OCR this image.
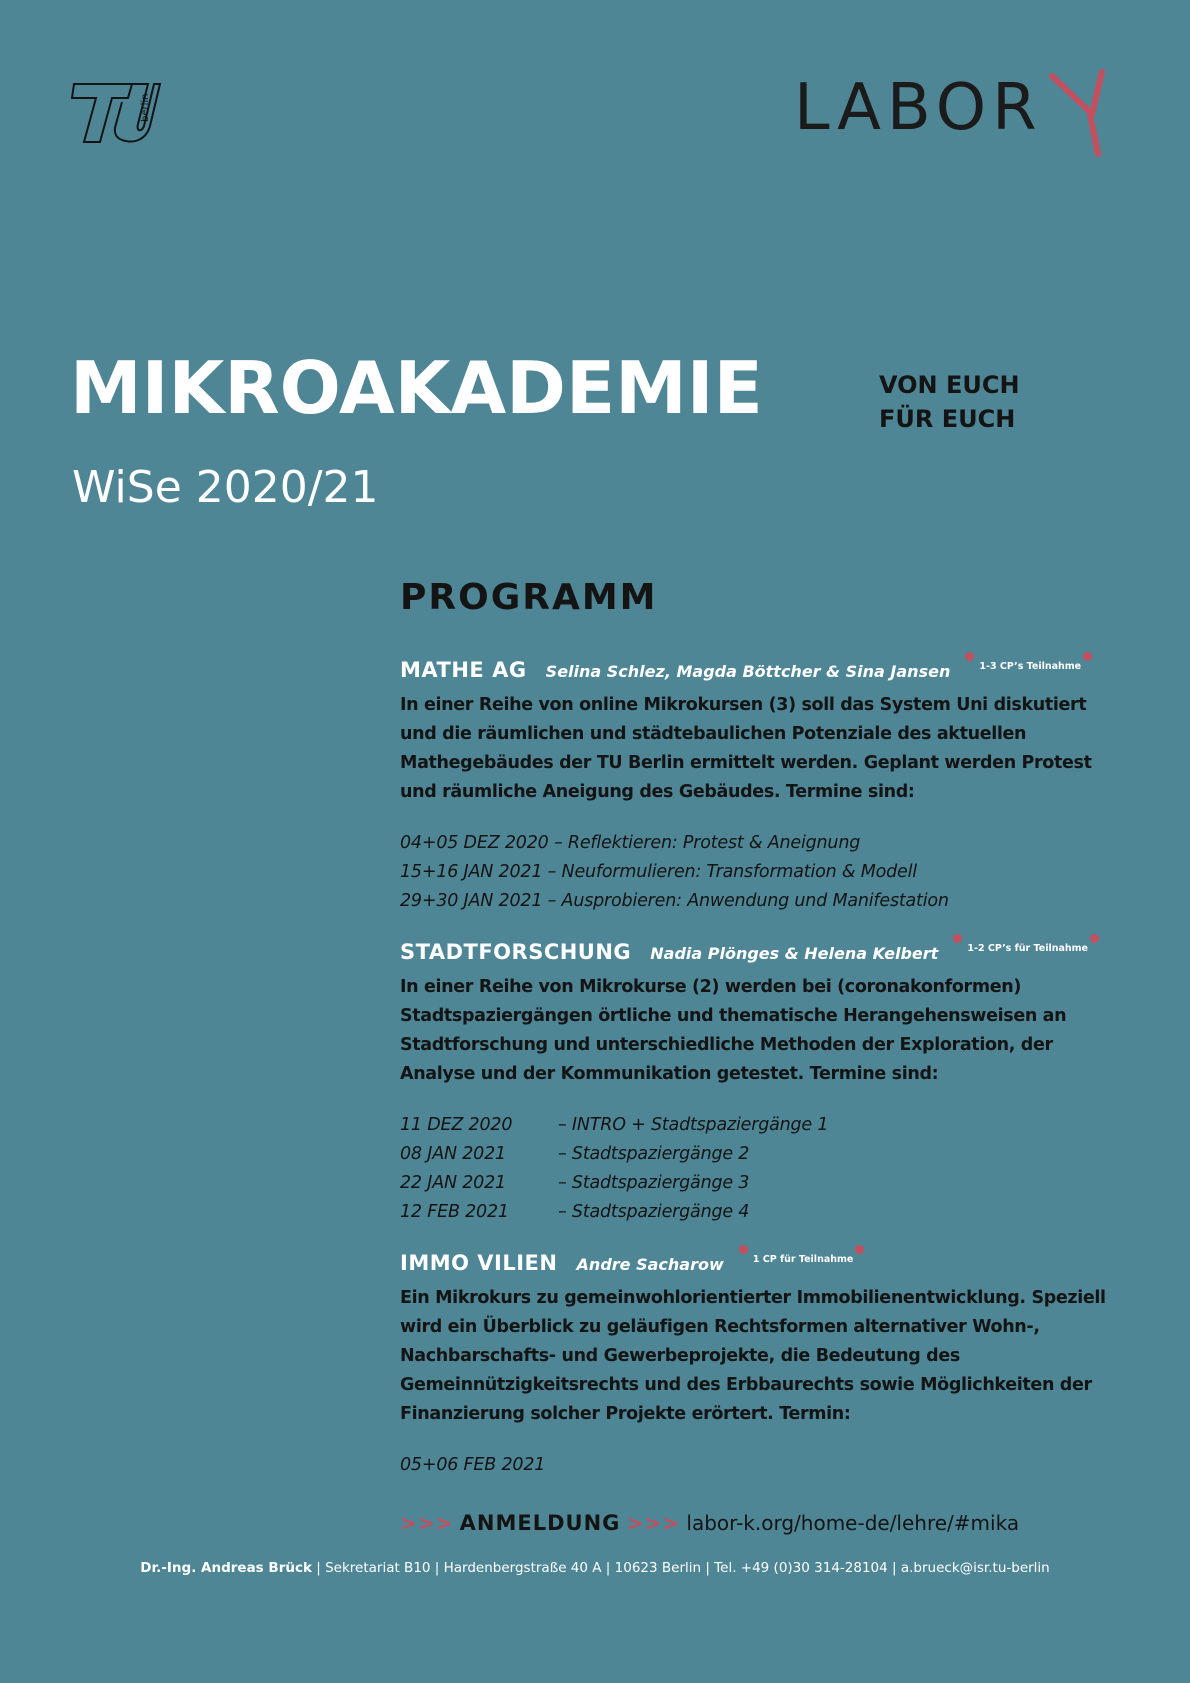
berlin	LABOR
MIKROAKADEMIE
WiSe 2020/21
VON EUCH
FÜR EUCH
PROGRAMM
MATHE AG Selina Schlez, Magda Böttcher & Sina Jansen	$^{1-3 CP’s Teilnahme}$
In einer Reihe von online Mikrokursen (3) soll das System Uni diskutiert und die räumlichen und städtebaulichen Potenziale des aktuellen Mathegebäudes der TU Berlin ermittelt werden. Geplant werden Protest und räumliche Aneigung des Gebäudes. Termine sind:
04+05 DEZ 2020 – Reflektieren: Protest & Aneignung
15+16 JAN 2021 – Neuformulieren: Transformation & Modell
29+30 JAN 2021 – Ausprobieren: Anwendung und Manifestation
STADTFORSCHUNG Nadia Plönges & Helena Kelbert	$^{1-2 CP’s für Teilnahme}$
In einer Reihe von Mikrokurse (2) werden bei (coronakonformen) Stadtspaziergängen örtliche und thematische Herangehensweisen an Stadtforschung und unterschiedliche Methoden der Exploration, der Analyse und der Kommunikation getestet. Termine sind:
11 DEZ 2020	– INTRO + Stadtspaziergänge 1
08 JAN 2021	– Stadtspaziergänge 2
22 JAN 2021	– Stadtspaziergänge 3
12 FEB 2021	– Stadtspaziergänge 4
IMMO VILIEN Andre Sacharow	$^{1 CP für Teilnahme}$
Ein Mikrokurs zu gemeinwohlorientierter Immobilienentwicklung. Speziell wird ein Überblick zu geläufigen Rechtsformen alternativer Wohn-, Nachbarschafts- und Gewerbeprojekte, die Bedeutung des Gemeinnützigkeitsrechts und des Erbbaurechts sowie Möglichkeiten der Finanzierung solcher Projekte erörtert. Termin:
05+06 FEB 2021
>>> ANMELDUNG >>> labor-k.org/home-de/lehre/#mika
Dr.-Ing. Andreas Brück | Sekretariat B10 | Hardenbergstraße 40 A | 10623 Berlin | Tel. +49 (0)30 314-28104 | a.brueck@isr.tu-berlin
